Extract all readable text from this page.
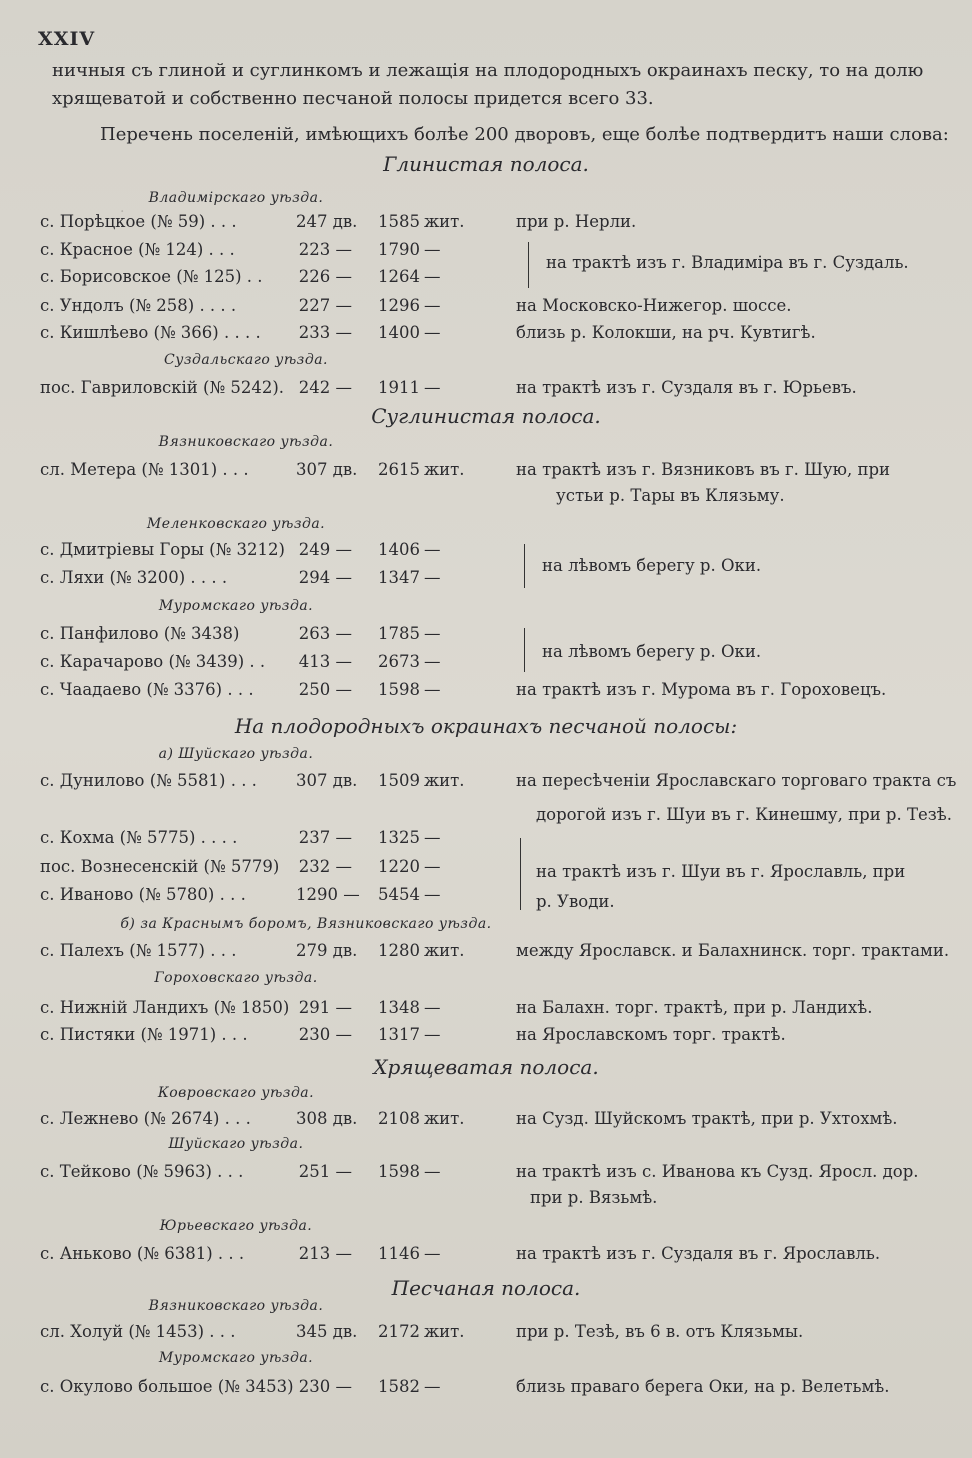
XXIV
.
ничныя съ глиной и суглинкомъ и лежащія на плодородныхъ окраинахъ песку, то на долю
хрящеватой и собственно песчаной полосы придется всего 33.
Перечень поселеній, имѣющихъ болѣе 200 дворовъ, еще болѣе подтвердитъ наши слова:
Глинистая полоса.
Владимірскаго уѣзда.
с. Порѣцкое (№ 59) . . .	247 дв.	1585 жит.	при р. Нерли.
с. Красное (№ 124) . . .	223 —	1790 —
с. Борисовское (№ 125) . . 226 —	1264 —
на трактѣ изъ г. Владиміра въ г. Суздаль.
с. Ундолъ (№ 258) . . . .	227 —	1296 —	на Московско-Нижегор. шоссе.
с. Кишлѣево (№ 366) . . . . 233 —	1400 —	близь р. Колокши, на рч. Кувтигѣ.
Суздальскаго уѣзда.
пос. Гавриловскій (№ 5242). 242 —	1911 —	на трактѣ изъ г. Суздаля въ г. Юрьевъ.
Суглинистая полоса.
Вязниковскаго уѣзда.
сл. Метера (№ 1301) . . .	307 дв.	2615 жит.	на трактѣ изъ г. Вязниковъ въ г. Шую, при
устьи р. Тары въ Клязьму.
Меленковскаго уѣзда.
с. Дмитріевы Горы (№ 3212) 249 —	1406 —
с. Ляхи (№ 3200) . . . .	294 —	1347 —
на лѣвомъ берегу р. Оки.
Муромскаго уѣзда.
с. Панфилово (№ 3438)	263 —	1785 —
с. Карачарово (№ 3439) . . 413 —	2673 —
на лѣвомъ берегу р. Оки.
с. Чаадаево (№ 3376) . . .	250 —	1598 —	на трактѣ изъ г. Мурома въ г. Гороховецъ.
На плодородныхъ окраинахъ песчаной полосы:
а) Шуйскаго уѣзда.
с. Дунилово (№ 5581) . . . 307 дв.	1509 жит.	на пересѣченіи Ярославскаго торговаго тракта съ
дорогой изъ г. Шуи въ г. Кинешму, при р. Тезѣ.
с. Кохма (№ 5775) . . . .	237 —	1325 —
пос. Вознесенскій (№ 5779) 232 —	1220 —
с. Иваново (№ 5780) . . .	1290 —	5454 —
на трактѣ изъ г. Шуи въ г. Ярославль, при
р. Уводи.
б) за Краснымъ боромъ, Вязниковскаго уѣзда.
с. Палехъ (№ 1577) . . .	279 дв.	1280 жит.	между Ярославск. и Балахнинск. торг. трактами.
Гороховскаго уѣзда.
с. Нижній Ландихъ (№ 1850) 291 —	1348 —	на Балахн. торг. трактѣ, при р. Ландихѣ.
с. Пистяки (№ 1971) . . .	230 —	1317 —	на Ярославскомъ торг. трактѣ.
Хрящеватая полоса.
Ковровскаго уѣзда.
с. Лежнево (№ 2674) . . .	308 дв.	2108 жит.	на Сузд. Шуйскомъ трактѣ, при р. Ухтохмѣ.
Шуйскаго уѣзда.
с. Тейково (№ 5963) . . .	251 —	1598 —	на трактѣ изъ с. Иванова къ Сузд. Яросл. дор.
при р. Вязьмѣ.
Юрьевскаго уѣзда.
с. Аньково (№ 6381) . . .	213 —	1146 —	на трактѣ изъ г. Суздаля въ г. Ярославль.
Песчаная полоса.
Вязниковскаго уѣзда.
сл. Холуй (№ 1453) . . .	345 дв.	2172 жит.	при р. Тезѣ, въ 6 в. отъ Клязьмы.
Муромскаго уѣзда.
с. Окулово большое (№ 3453) 230 —	1582 —	близь праваго берега Оки, на р. Велетьмѣ.
